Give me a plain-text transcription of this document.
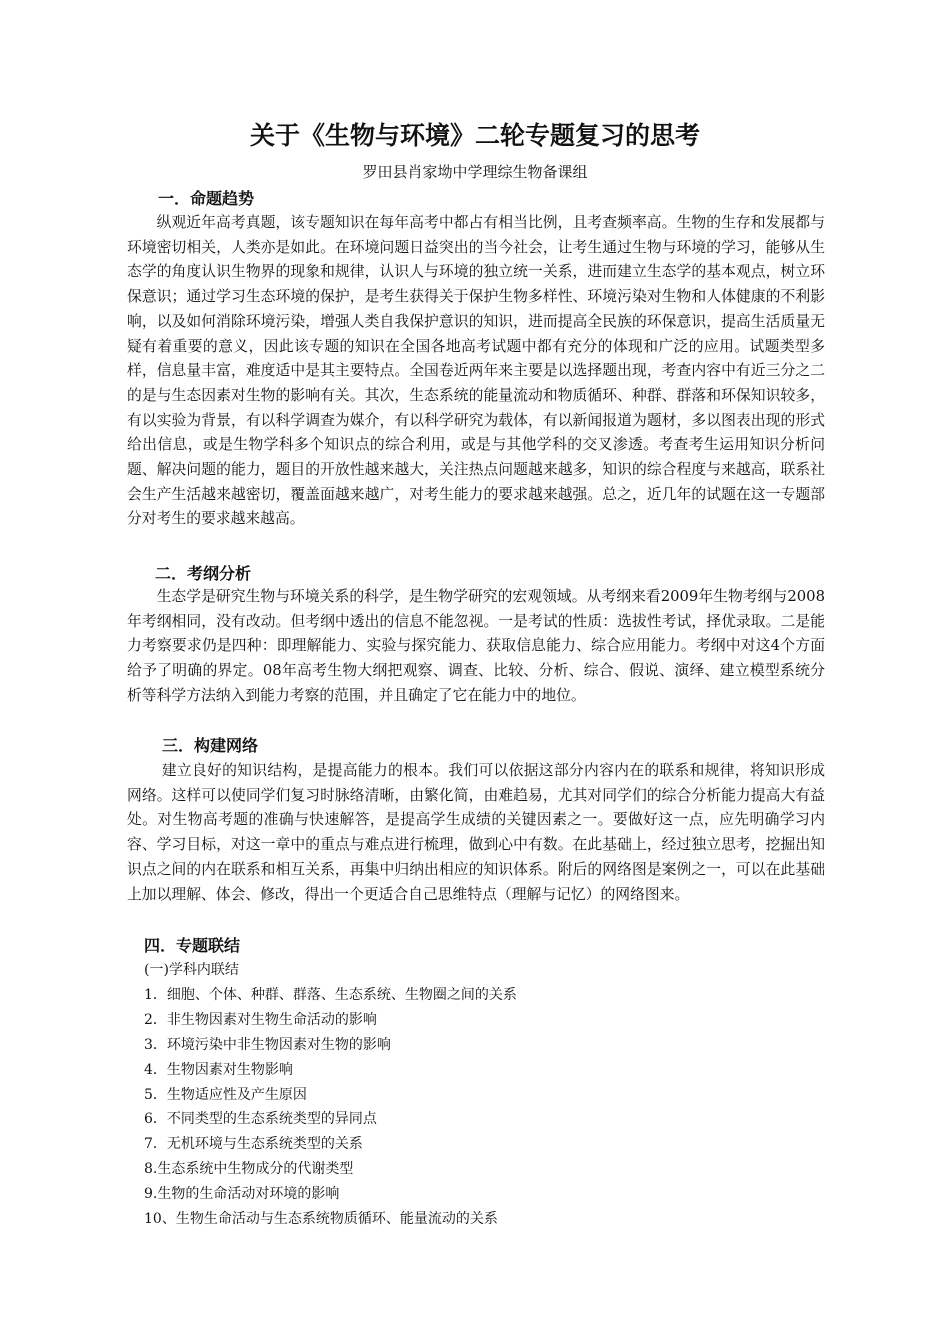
关于《生物与环境》二轮专题复习的思考
罗田县肖家坳中学理综生物备课组
一．命题趋势

纵观近年高考真题，该专题知识在每年高考中都占有相当比例，且考查频率高。生物的生存和发展都与环境密切相关，人类亦是如此。在环境问题日益突出的当今社会，让考生通过生物与环境的学习，能够从生态学的角度认识生物界的现象和规律，认识人与环境的独立统一关系，进而建立生态学的基本观点，树立环保意识；通过学习生态环境的保护，是考生获得关于保护生物多样性、环境污染对生物和人体健康的不利影响，以及如何消除环境污染，增强人类自我保护意识的知识，进而提高全民族的环保意识，提高生活质量无疑有着重要的意义，因此该专题的知识在全国各地高考试题中都有充分的体现和广泛的应用。试题类型多样，信息量丰富，难度适中是其主要特点。全国卷近两年来主要是以选择题出现，考查内容中有近三分之二的是与生态因素对生物的影响有关。其次，生态系统的能量流动和物质循环、种群、群落和环保知识较多，有以实验为背景，有以科学调查为媒介，有以科学研究为载体，有以新闻报道为题材，多以图表出现的形式给出信息，或是生物学科多个知识点的综合利用，或是与其他学科的交叉渗透。考查考生运用知识分析问题、解决问题的能力，题目的开放性越来越大，关注热点问题越来越多，知识的综合程度与来越高，联系社会生产生活越来越密切，覆盖面越来越广，对考生能力的要求越来越强。总之，近几年的试题在这一专题部分对考生的要求越来越高。

二．考纲分析

生态学是研究生物与环境关系的科学，是生物学研究的宏观领域。从考纲来看2009年生物考纲与2008年考纲相同，没有改动。但考纲中透出的信息不能忽视。一是考试的性质：选拔性考试，择优录取。二是能力考察要求仍是四种：即理解能力、实验与探究能力、获取信息能力、综合应用能力。考纲中对这4个方面给予了明确的界定。08年高考生物大纲把观察、调查、比较、分析、综合、假说、演绎、建立模型系统分析等科学方法纳入到能力考察的范围，并且确定了它在能力中的地位。

三．构建网络

建立良好的知识结构，是提高能力的根本。我们可以依据这部分内容内在的联系和规律，将知识形成网络。这样可以使同学们复习时脉络清晰，由繁化简，由难趋易，尤其对同学们的综合分析能力提高大有益处。对生物高考题的准确与快速解答，是提高学生成绩的关键因素之一。要做好这一点，应先明确学习内容、学习目标，对这一章中的重点与难点进行梳理，做到心中有数。在此基础上，经过独立思考，挖掘出知识点之间的内在联系和相互关系，再集中归纳出相应的知识体系。附后的网络图是案例之一，可以在此基础上加以理解、体会、修改，得出一个更适合自己思维特点（理解与记忆）的网络图来。

四．专题联结
(一)学科内联结
1．细胞、个体、种群、群落、生态系统、生物圈之间的关系
2．非生物因素对生物生命活动的影响
3．环境污染中非生物因素对生物的影响
4．生物因素对生物影响
5．生物适应性及产生原因
6．不同类型的生态系统类型的异同点
7．无机环境与生态系统类型的关系
8.生态系统中生物成分的代谢类型
9.生物的生命活动对环境的影响
10、生物生命活动与生态系统物质循环、能量流动的关系
